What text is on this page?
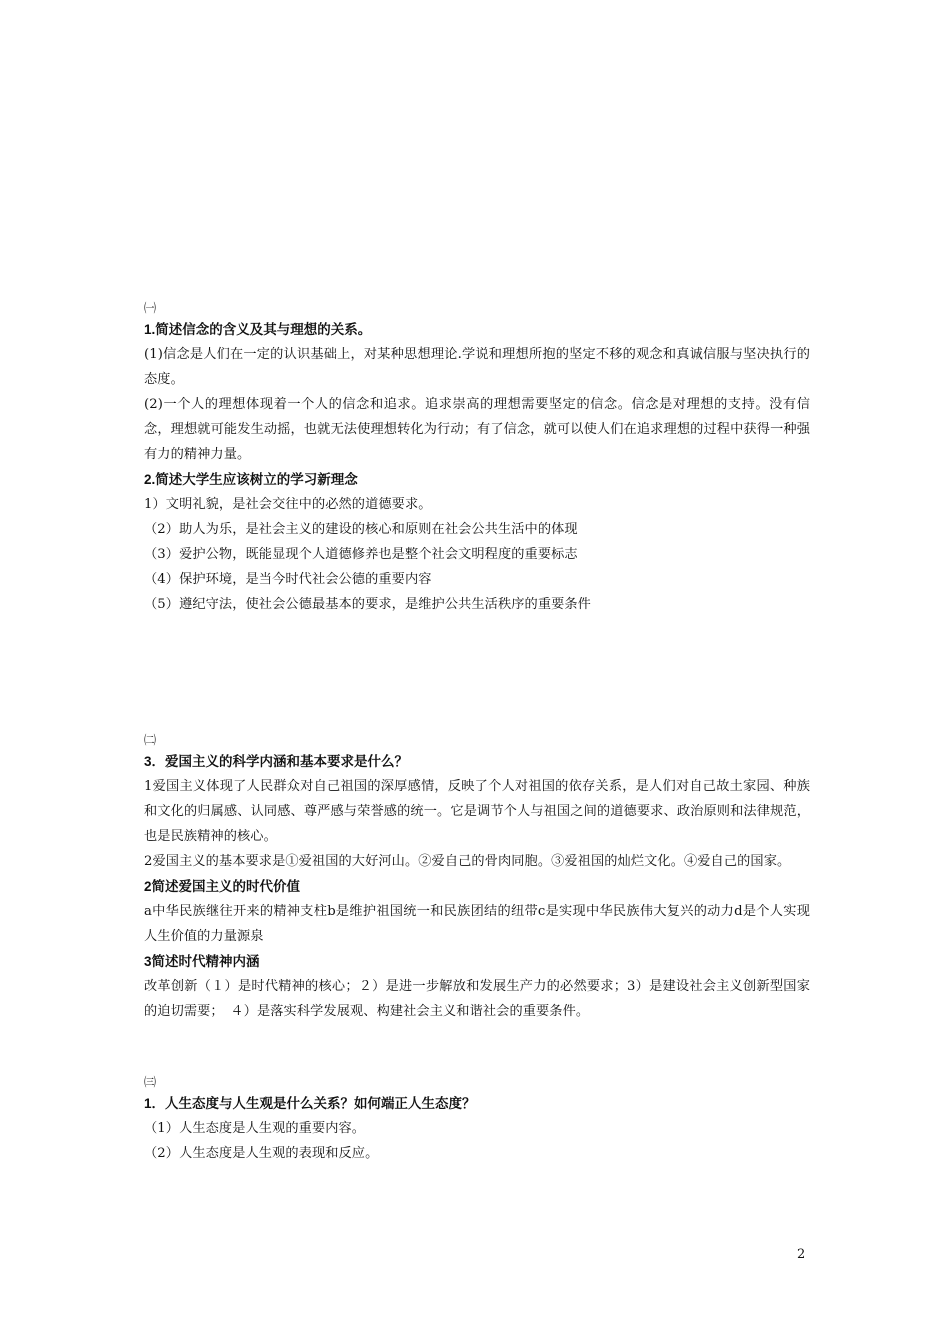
㈠

1.简述信念的含义及其与理想的关系。

(1)信念是人们在一定的认识基础上，对某种思想理论.学说和理想所抱的坚定不移的观念和真诚信服与坚决执行的态度。

(2)一个人的理想体现着一个人的信念和追求。追求崇高的理想需要坚定的信念。信念是对理想的支持。没有信念，理想就可能发生动摇，也就无法使理想转化为行动；有了信念，就可以使人们在追求理想的过程中获得一种强有力的精神力量。

2.简述大学生应该树立的学习新理念

1）文明礼貌，是社会交往中的必然的道德要求。

（2）助人为乐，是社会主义的建设的核心和原则在社会公共生活中的体现

（3）爱护公物，既能显现个人道德修养也是整个社会文明程度的重要标志

（4）保护环境，是当今时代社会公德的重要内容

（5）遵纪守法，使社会公德最基本的要求，是维护公共生活秩序的重要条件

㈡

3．爱国主义的科学内涵和基本要求是什么？

1爱国主义体现了人民群众对自己祖国的深厚感情，反映了个人对祖国的依存关系，是人们对自己故土家园、种族和文化的归属感、认同感、尊严感与荣誉感的统一。它是调节个人与祖国之间的道德要求、政治原则和法律规范，也是民族精神的核心。

2爱国主义的基本要求是①爱祖国的大好河山。②爱自己的骨肉同胞。③爱祖国的灿烂文化。④爱自己的国家。

2简述爱国主义的时代价值

a中华民族继往开来的精神支柱b是维护祖国统一和民族团结的纽带c是实现中华民族伟大复兴的动力d是个人实现人生价值的力量源泉

3简述时代精神内涵

改革创新（１）是时代精神的核心；２）是进一步解放和发展生产力的必然要求；3）是建设社会主义创新型国家的迫切需要；　４）是落实科学发展观、构建社会主义和谐社会的重要条件。

㈢

1．人生态度与人生观是什么关系？如何端正人生态度？

（1）人生态度是人生观的重要内容。

（2）人生态度是人生观的表现和反应。

2
